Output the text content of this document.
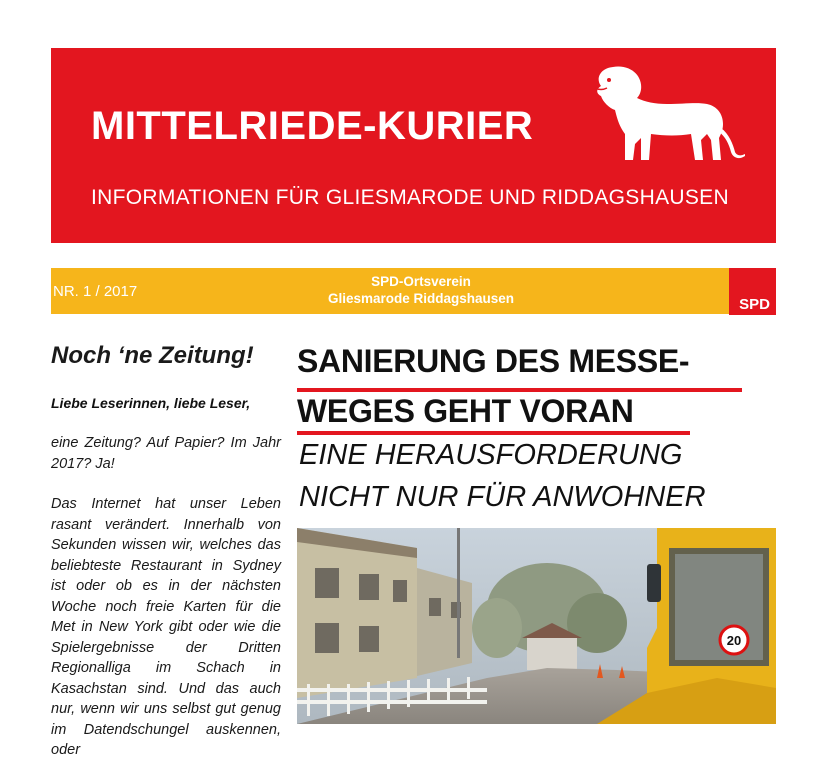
MITTELRIEDE-KURIER
INFORMATIONEN FÜR GLIESMARODE UND RIDDAGSHAUSEN
NR. 1 / 2017
SPD-Ortsverein
Gliesmarode Riddagshausen	SPD
Noch ‘ne Zeitung!
Liebe Leserinnen, liebe Leser,

eine Zeitung? Auf Papier? Im Jahr 2017? Ja!

Das Internet hat unser Leben rasant verändert. Innerhalb von Sekunden wissen wir, welches das beliebteste Restaurant in Sydney ist oder ob es in der nächsten Woche noch freie Karten für die Met in New York gibt oder wie die Spielergebnisse der Dritten Regionalliga im Schach in Kasachstan sind. Und das auch nur, wenn wir uns selbst gut genug im Datendschungel auskennen, oder

SANIERUNG DES MESSE-
WEGES GEHT VORAN
EINE HERAUSFORDERUNG
NICHT NUR FÜR ANWOHNER
20
